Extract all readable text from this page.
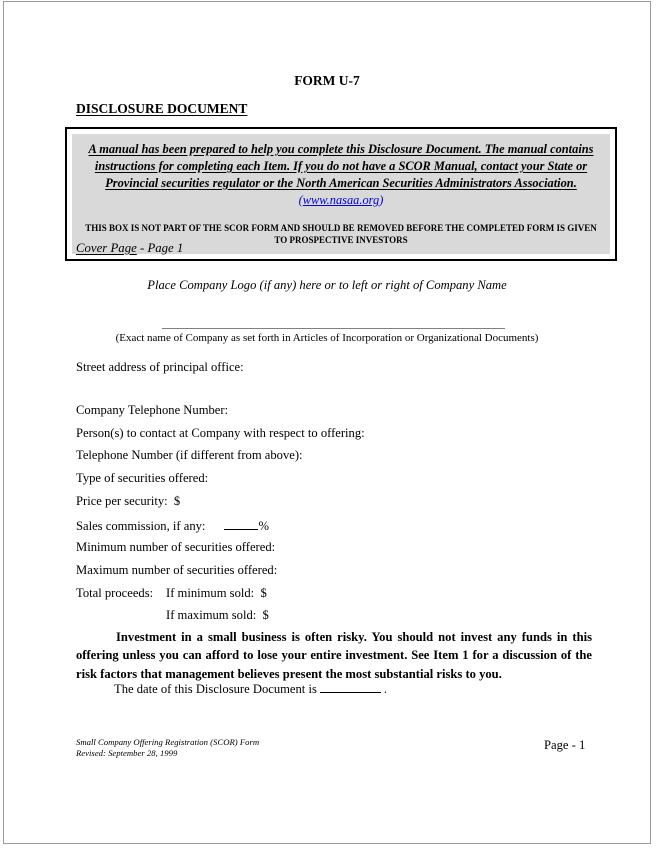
FORM U-7
DISCLOSURE DOCUMENT
A manual has been prepared to help you complete this Disclosure Document. The manual contains instructions for completing each Item. If you do not have a SCOR Manual, contact your State or Provincial securities regulator or the North American Securities Administrators Association.
(www.nasaa.org)
THIS BOX IS NOT PART OF THE SCOR FORM AND SHOULD BE REMOVED BEFORE THE COMPLETED FORM IS GIVEN TO PROSPECTIVE INVESTORS
Cover Page - Page 1
Place Company Logo (if any) here or to left or right of Company Name
(Exact name of Company as set forth in Articles of Incorporation or Organizational Documents)
Street address of principal office:
Company Telephone Number:
Person(s) to contact at Company with respect to offering:
Telephone Number (if different from above):
Type of securities offered:
Price per security:  $
Sales commission, if any:	%
Minimum number of securities offered:
Maximum number of securities offered:
Total proceeds: If minimum sold:  $
If maximum sold:  $
Investment in a small business is often risky. You should not invest any funds in this offering unless you can afford to lose your entire investment. See Item 1 for a discussion of the risk factors that management believes present the most substantial risks to you.
The date of this Disclosure Document is	.
Small Company Offering Registration (SCOR) Form
Revised: September 28, 1999
Page - 1
